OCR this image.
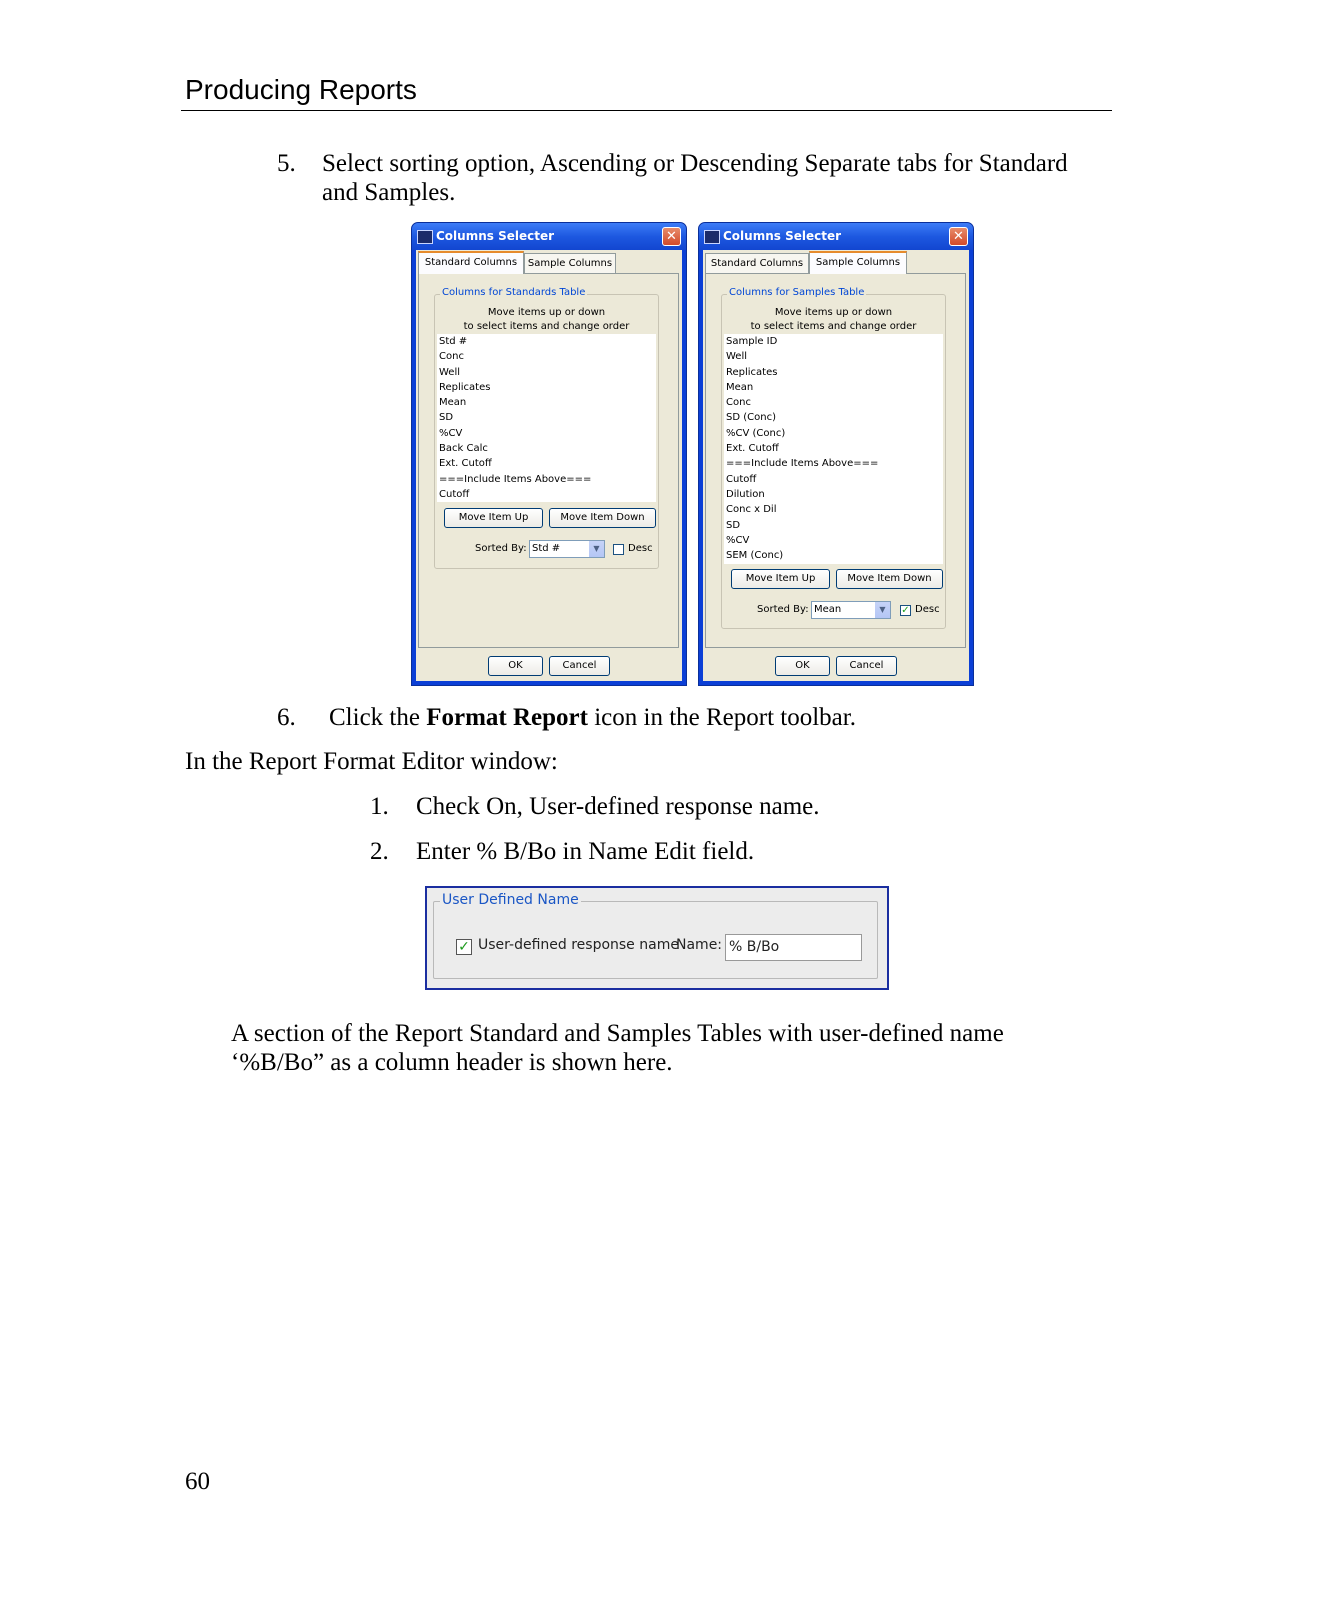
Producing Reports
5. Select sorting option, Ascending or Descending Separate tabs for Standard
and Samples.
Columns Selecter	✕
Standard Columns	Sample Columns
Columns for Standards Table
Move items up or down
to select items and change order
Std #
Conc
Well
Replicates
Mean
SD
%CV
Back Calc
Ext. Cutoff
===Include Items Above===
Cutoff
Move Item Up	Move Item Down
Sorted By: Std #	▼	Desc
OK	Cancel
Columns Selecter	✕
Standard Columns	Sample Columns
Columns for Samples Table
Move items up or down
to select items and change order
Sample ID
Well
Replicates
Mean
Conc
SD (Conc)
%CV (Conc)
Ext. Cutoff
===Include Items Above===
Cutoff
Dilution
Conc x Dil
SD
%CV
SEM (Conc)
Move Item Up	Move Item Down
Sorted By: Mean	▼	✓ Desc
OK	Cancel
6. Click the Format Report icon in the Report toolbar.
In the Report Format Editor window:
1. Check On, User-defined response name.
2. Enter % B/Bo in Name Edit field.
User Defined Name
✓ User-defined response name
Name: % B/Bo
A section of the Report Standard and Samples Tables with user-defined name
‘%B/Bo” as a column header is shown here.
60
